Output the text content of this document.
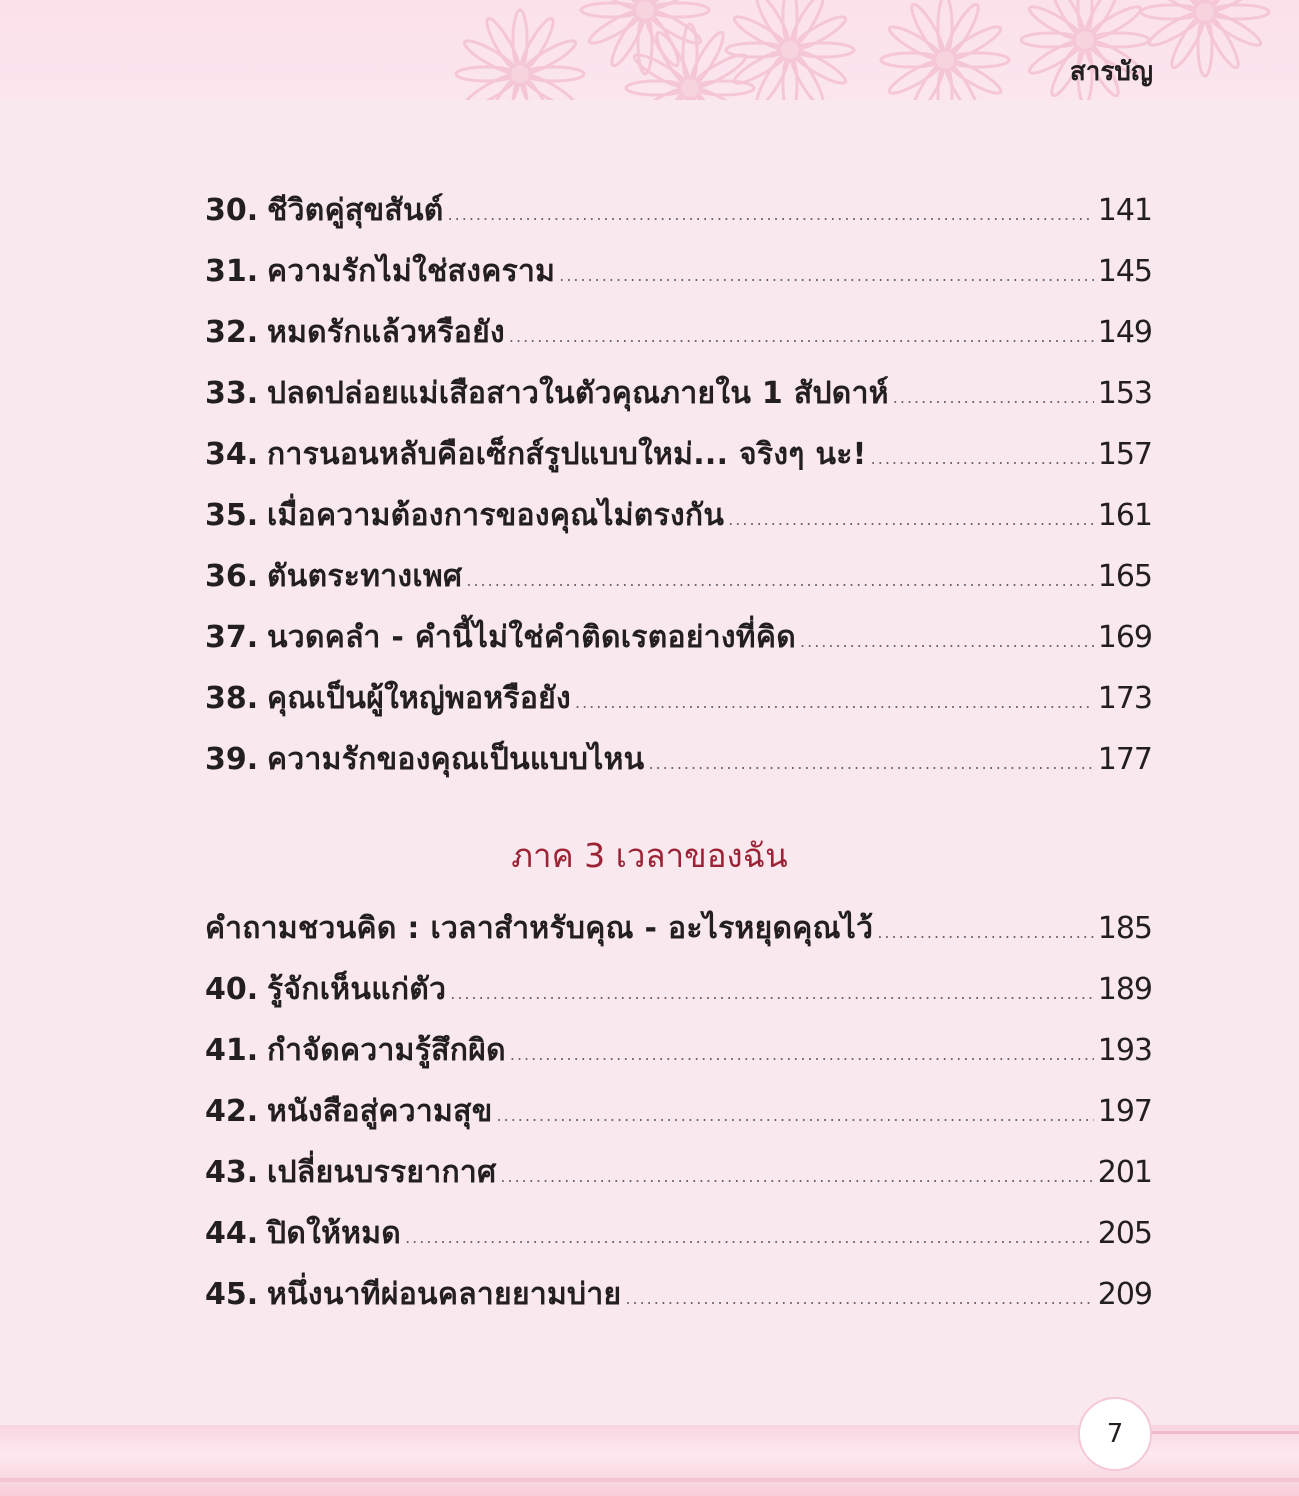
สารบัญ
30. ชีวิตคู่สุขสันต์ .....	141
31. ความรักไม่ใช่สงคราม .....	145
32. หมดรักแล้วหรือยัง .....	149
33. ปลดปล่อยแม่เสือสาวในตัวคุณภายใน 1 สัปดาห์ .....	153
34. การนอนหลับคือเซ็กส์รูปแบบใหม่... จริงๆ นะ! .....	157
35. เมื่อความต้องการของคุณไม่ตรงกัน .....	161
36. ตันตระทางเพศ .....	165
37. นวดคลำ - คำนี้ไม่ใช่คำติดเรตอย่างที่คิด .....	169
38. คุณเป็นผู้ใหญ่พอหรือยัง .....	173
39. ความรักของคุณเป็นแบบไหน .....	177
ภาค 3 เวลาของฉัน
คำถามชวนคิด : เวลาสำหรับคุณ - อะไรหยุดคุณไว้ .....	185
40. รู้จักเห็นแก่ตัว .....	189
41. กำจัดความรู้สึกผิด .....	193
42. หนังสือสู่ความสุข .....	197
43. เปลี่ยนบรรยากาศ .....	201
44. ปิดให้หมด .....	205
45. หนึ่งนาทีผ่อนคลายยามบ่าย .....	209
7
